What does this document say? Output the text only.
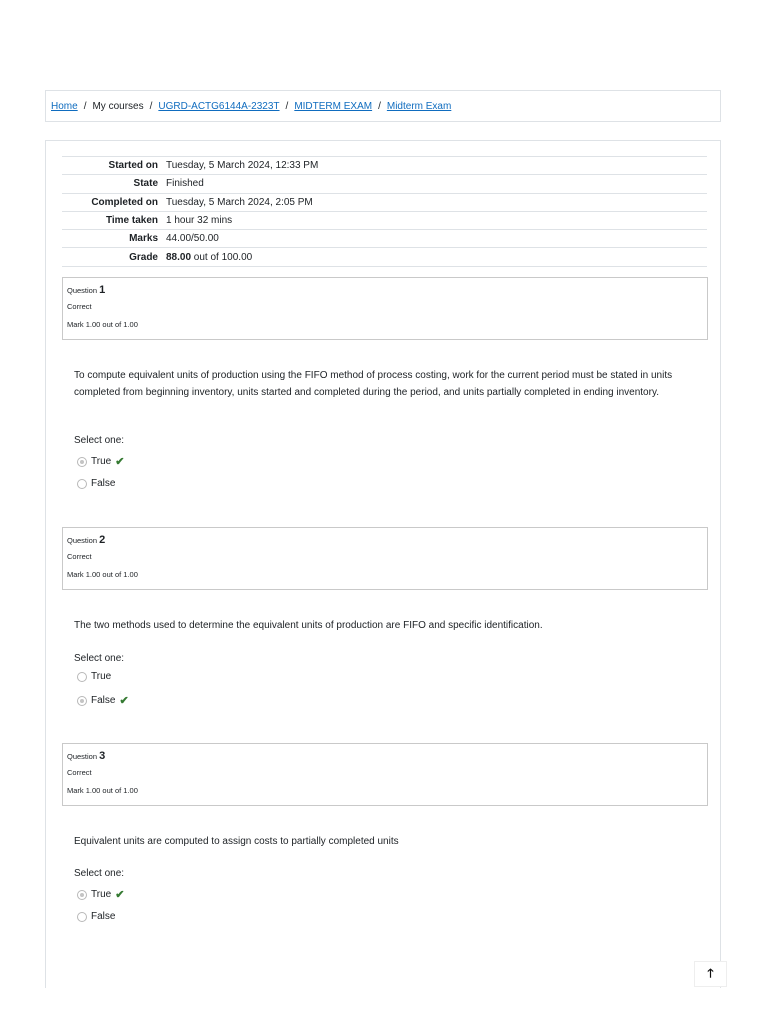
Home / My courses / UGRD-ACTG6144A-2323T / MIDTERM EXAM / Midterm Exam
Started on	Tuesday, 5 March 2024, 12:33 PM
State	Finished
Completed on	Tuesday, 5 March 2024, 2:05 PM
Time taken	1 hour 32 mins
Marks	44.00/50.00
Grade	88.00 out of 100.00
Question 1
Correct
Mark 1.00 out of 1.00
To compute equivalent units of production using the FIFO method of process costing, work for the current period must be stated in units completed from beginning inventory, units started and completed during the period, and units partially completed in ending inventory.
Select one:
True ✔
False
Question 2
Correct
Mark 1.00 out of 1.00
The two methods used to determine the equivalent units of production are FIFO and specific identification.
Select one:
True
False ✔
Question 3
Correct
Mark 1.00 out of 1.00
Equivalent units are computed to assign costs to partially completed units
Select one:
True ✔
False
🡑
